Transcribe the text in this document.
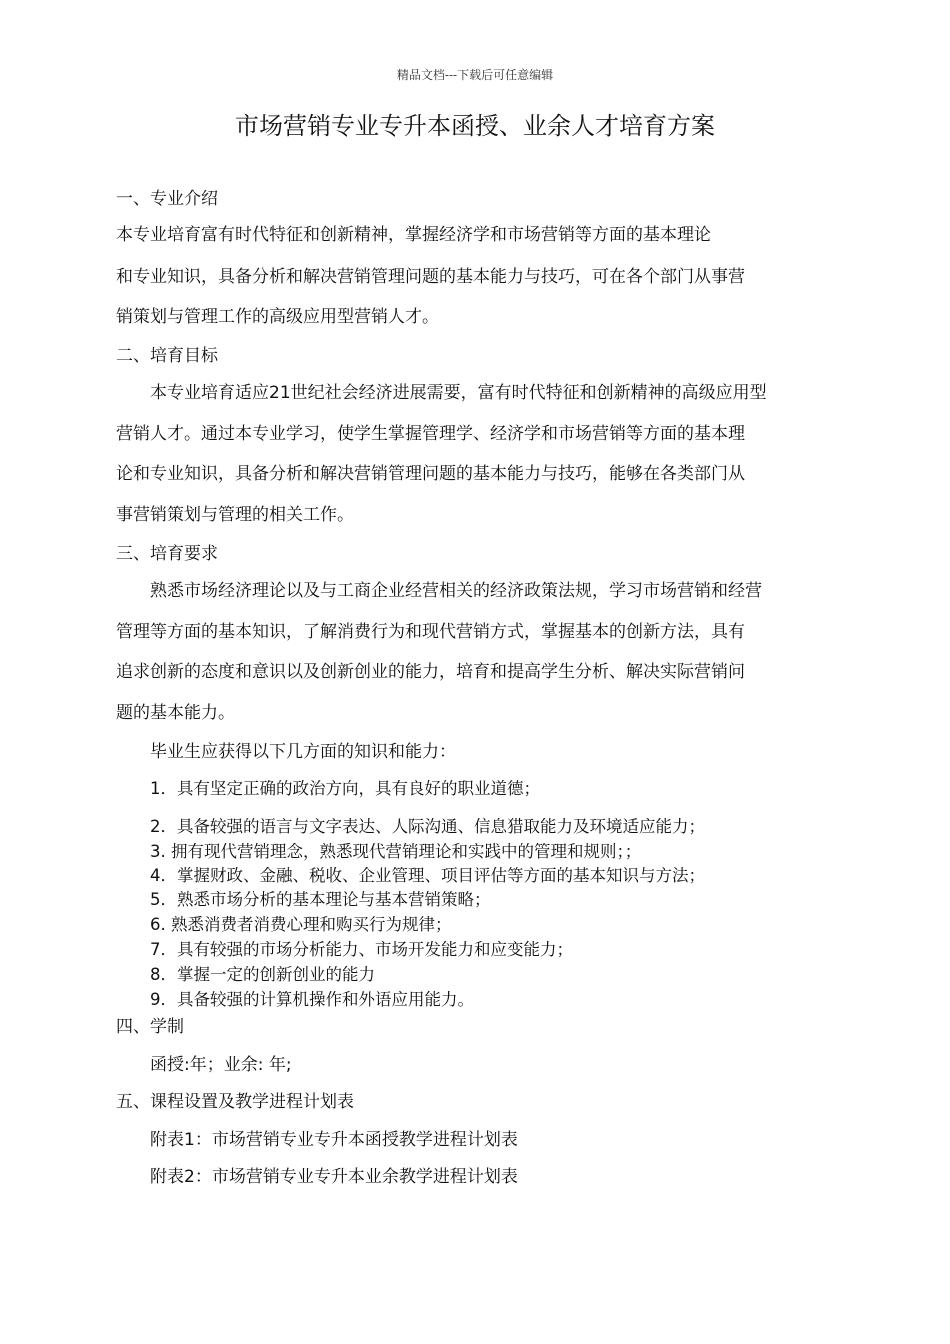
精品文档---下载后可任意编辑
市场营销专业专升本函授、业余人才培育方案
一、专业介绍
本专业培育富有时代特征和创新精神，掌握经济学和市场营销等方面的基本理论
和专业知识，具备分析和解决营销管理问题的基本能力与技巧，可在各个部门从事营
销策划与管理工作的高级应用型营销人才。
二、培育目标
本专业培育适应21世纪社会经济进展需要，富有时代特征和创新精神的高级应用型
营销人才。通过本专业学习，使学生掌握管理学、经济学和市场营销等方面的基本理
论和专业知识，具备分析和解决营销管理问题的基本能力与技巧，能够在各类部门从
事营销策划与管理的相关工作。
三、培育要求
熟悉市场经济理论以及与工商企业经营相关的经济政策法规，学习市场营销和经营
管理等方面的基本知识，了解消费行为和现代营销方式，掌握基本的创新方法，具有
追求创新的态度和意识以及创新创业的能力，培育和提高学生分析、解决实际营销问
题的基本能力。
毕业生应获得以下几方面的知识和能力：
1．具有坚定正确的政治方向，具有良好的职业道德；
2．具备较强的语言与文字表达、人际沟通、信息猎取能力及环境适应能力；
3. 拥有现代营销理念，熟悉现代营销理论和实践中的管理和规则；；
4．掌握财政、金融、税收、企业管理、项目评估等方面的基本知识与方法；
5．熟悉市场分析的基本理论与基本营销策略；
6. 熟悉消费者消费心理和购买行为规律；
7．具有较强的市场分析能力、市场开发能力和应变能力；
8．掌握一定的创新创业的能力
9．具备较强的计算机操作和外语应用能力。
四、学制
函授:年；业余: 年;
五、课程设置及教学进程计划表
附表1：市场营销专业专升本函授教学进程计划表
附表2：市场营销专业专升本业余教学进程计划表
